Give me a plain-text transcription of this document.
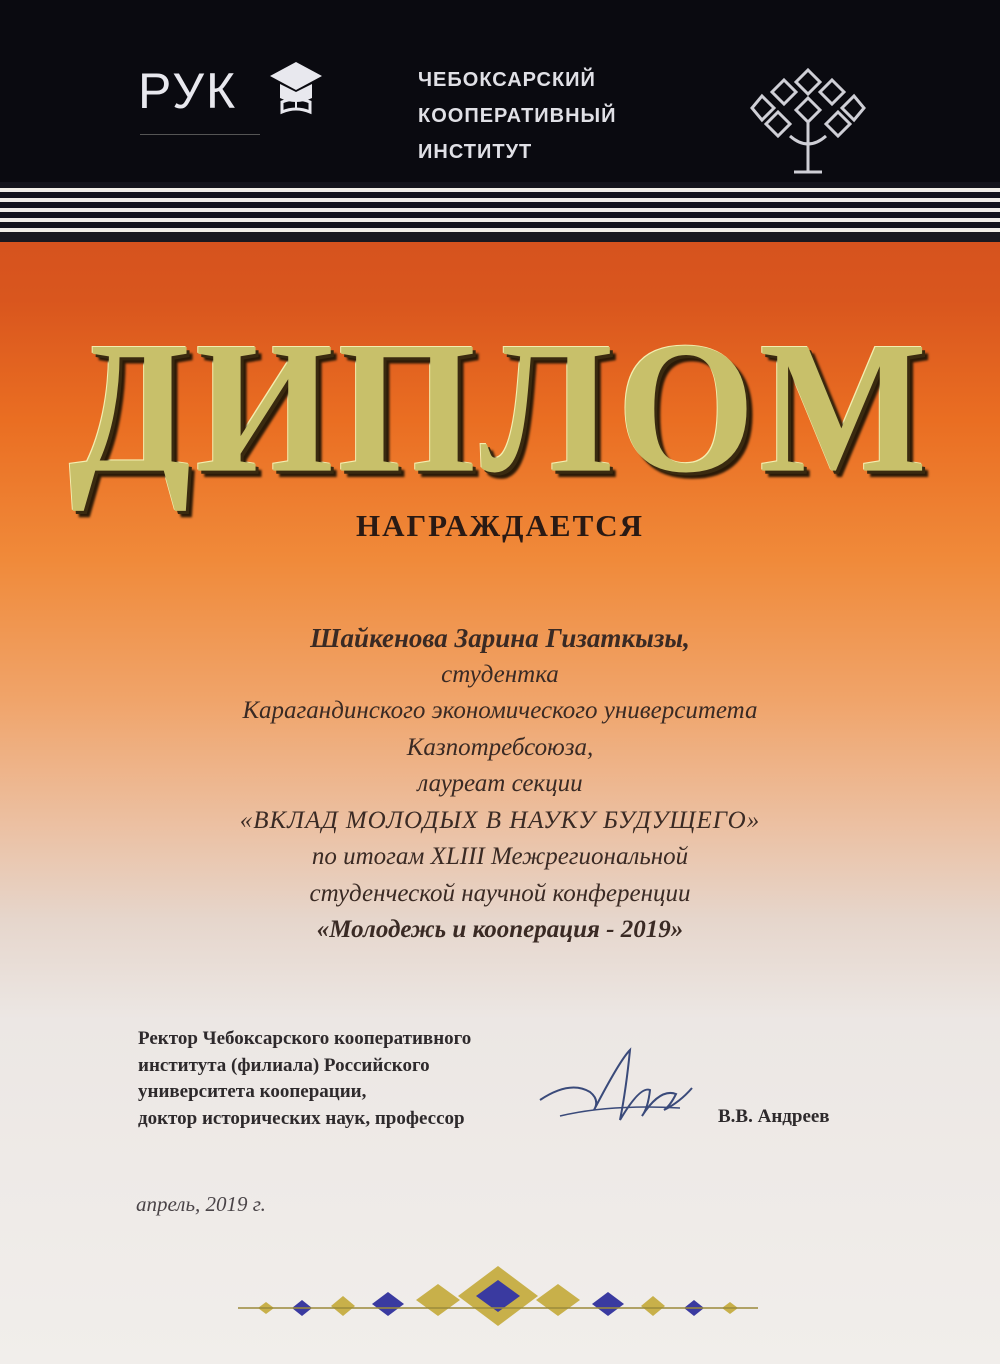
РУК	ЧЕБОКСАРСКИЙ
КООПЕРАТИВНЫЙ
ИНСТИТУТ
ДИПЛОМ
НАГРАЖДАЕТСЯ
Шайкенова Зарина Гизаткызы,
студентка
Карагандинского экономического университета
Казпотребсоюза,
лауреат секции
«ВКЛАД МОЛОДЫХ В НАУКУ БУДУЩЕГО»
по итогам XLIII Межрегиональной
студенческой научной конференции
«Молодежь и кооперация - 2019»
Ректор Чебоксарского кооперативного
института (филиала) Российского
университета кооперации,
доктор исторических наук, профессор	В.В. Андреев
апрель, 2019 г.
